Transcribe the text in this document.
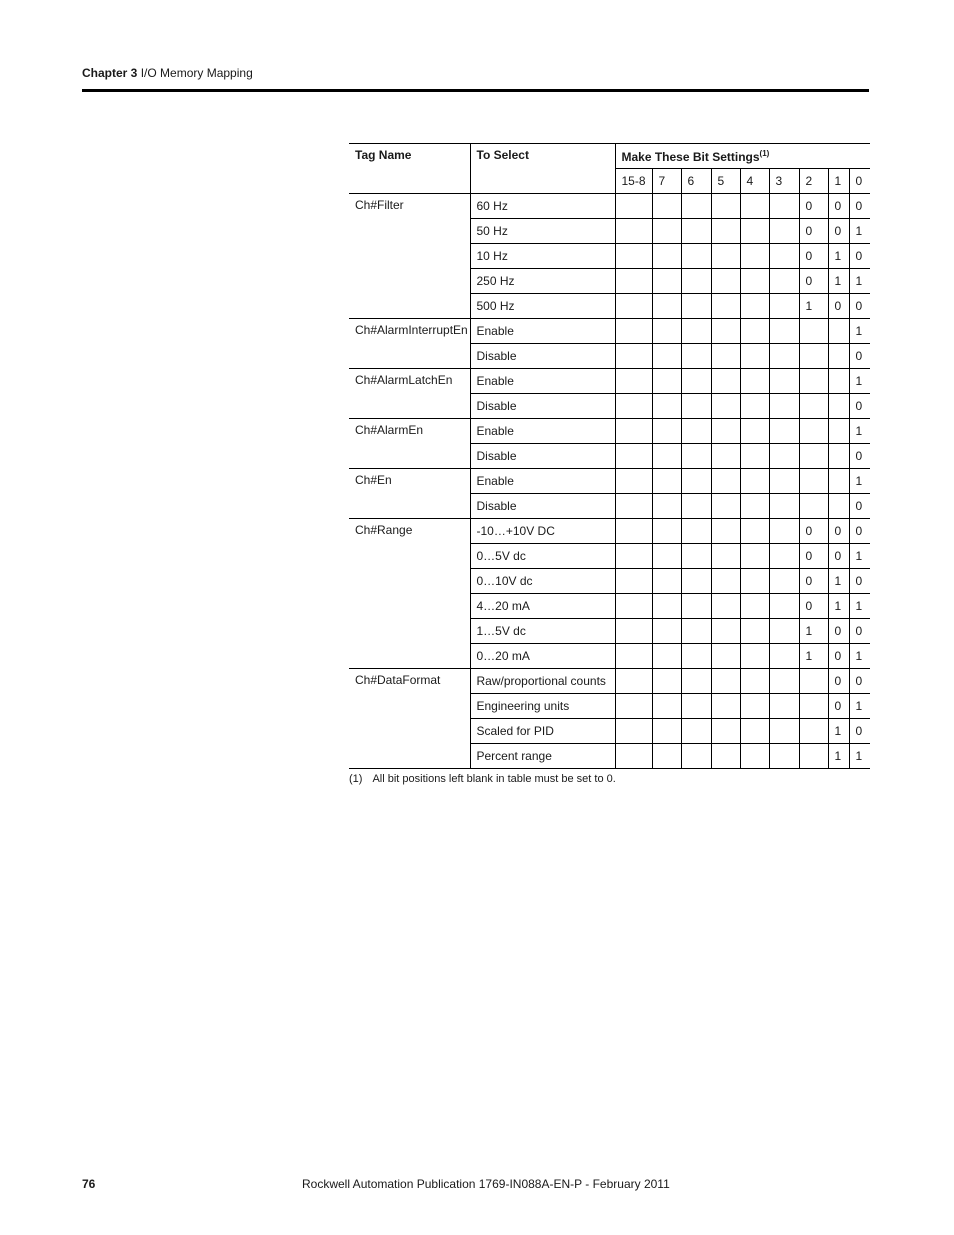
Chapter 3 I/O Memory Mapping
Tag Name	To Select	Make These Bit Settings$^{(1)}$
		15-8	7	6	5	4	3	2	1	0
Ch#Filter	60 Hz							0	0	0
	50 Hz							0	0	1
	10 Hz							0	1	0
	250 Hz							0	1	1
	500 Hz							1	0	0
Ch#AlarmInterruptEn	Enable									1
	Disable									0
Ch#AlarmLatchEn	Enable									1
	Disable									0
Ch#AlarmEn	Enable									1
	Disable									0
Ch#En	Enable									1
	Disable									0
Ch#Range	-10…+10V DC							0	0	0
	0…5V dc							0	0	1
	0…10V dc							0	1	0
	4…20 mA							0	1	1
	1…5V dc							1	0	0
	0…20 mA							1	0	1
Ch#DataFormat	Raw/proportional counts								0	0
	Engineering units								0	1
	Scaled for PID								1	0
	Percent range								1	1
(1) All bit positions left blank in table must be set to 0.
76	Rockwell Automation Publication 1769-IN088A-EN-P - February 2011
